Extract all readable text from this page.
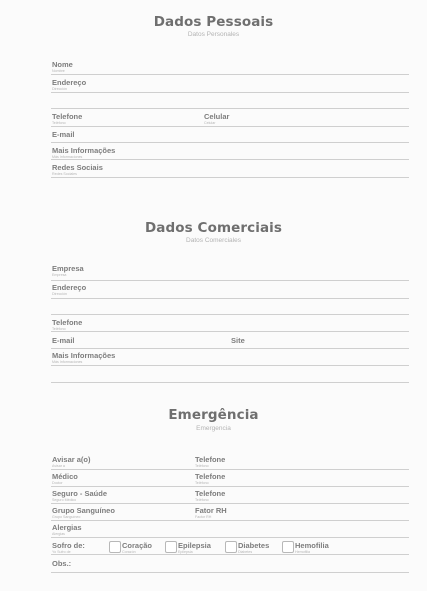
Dados Pessoais
Datos Personales
Nome
Nombre
Endereço
Dirección
Telefone
Teléfono
Celular
Celular
E-mail
Mais Informações
Más Informaciones
Redes Sociais
Redes Sociales
Dados Comerciais
Datos Comerciales
Empresa
Empresa
Endereço
Dirección
Telefone
Teléfono
E-mail	Site
Mais Informações
Más Informaciones
Emergência
Emergencia
Avisar a(o)
Avisar a
Telefone
Teléfono
Médico
Doctor
Telefone
Teléfono
Seguro - Saúde
Seguro Médico
Telefone
Teléfono
Grupo Sanguíneo
Grupo Sanguíneo
Fator RH
Factor RH
Alergias
Alergias
Sofro de:
Yo Sufro de
Coração
Corazón
Epilepsia
Epilepsia
Diabetes
Diabetes
Hemofilia
Hemofilia
Obs.:
